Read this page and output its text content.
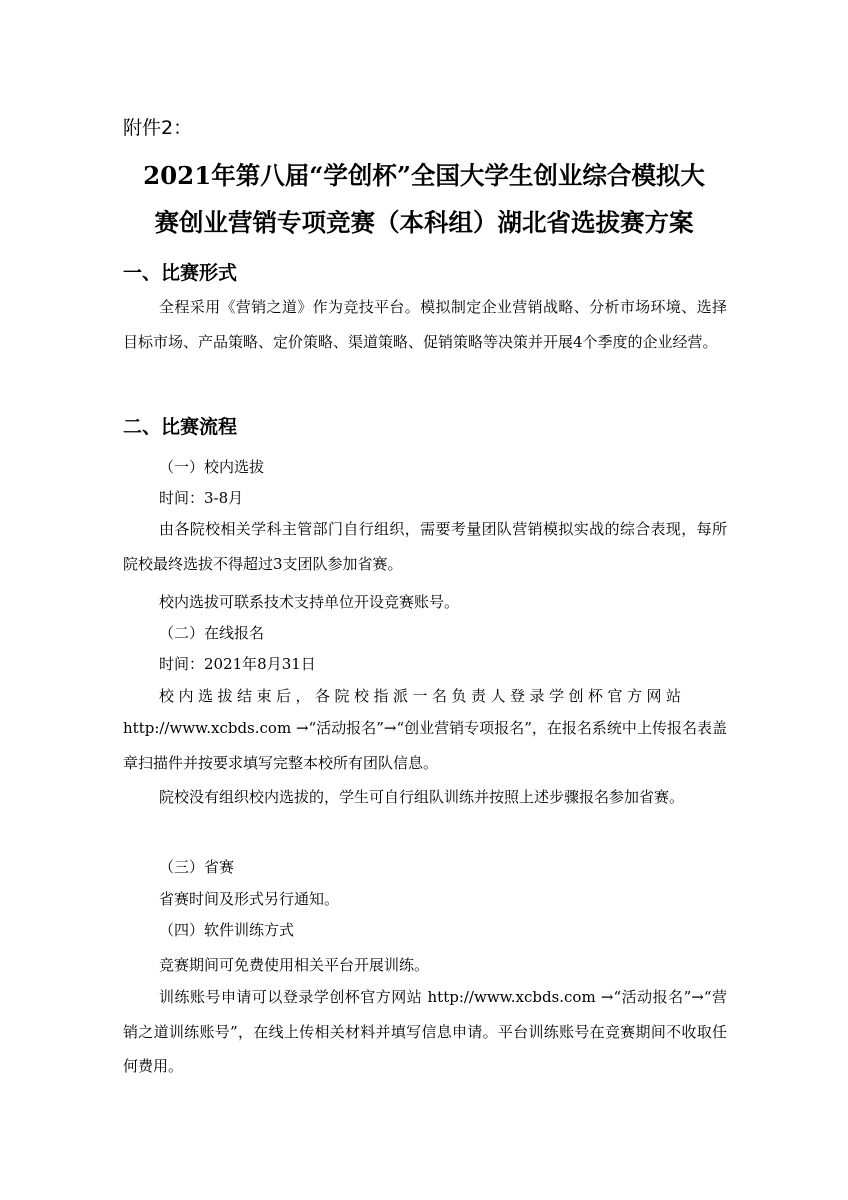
附件2：
2021年第八届“学创杯”全国大学生创业综合模拟大
赛创业营销专项竞赛（本科组）湖北省选拔赛方案
一、比赛形式

全程采用《营销之道》作为竞技平台。模拟制定企业营销战略、分析市场环境、选择目标市场、产品策略、定价策略、渠道策略、促销策略等决策并开展4个季度的企业经营。

二、比赛流程

（一）校内选拔

时间：3-8月

由各院校相关学科主管部门自行组织，需要考量团队营销模拟实战的综合表现，每所院校最终选拔不得超过3支团队参加省赛。

校内选拔可联系技术支持单位开设竞赛账号。

（二）在线报名

时间：2021年8月31日

校内选拔结束后，各院校指派一名负责人登录学创杯官方网站

http://www.xcbds.com →“活动报名”→“创业营销专项报名”，在报名系统中上传报名表盖章扫描件并按要求填写完整本校所有团队信息。

院校没有组织校内选拔的，学生可自行组队训练并按照上述步骤报名参加省赛。

（三）省赛

省赛时间及形式另行通知。

（四）软件训练方式

竞赛期间可免费使用相关平台开展训练。

训练账号申请可以登录学创杯官方网站 http://www.xcbds.com →“活动报名”→“营销之道训练账号”，在线上传相关材料并填写信息申请。平台训练账号在竞赛期间不收取任何费用。
